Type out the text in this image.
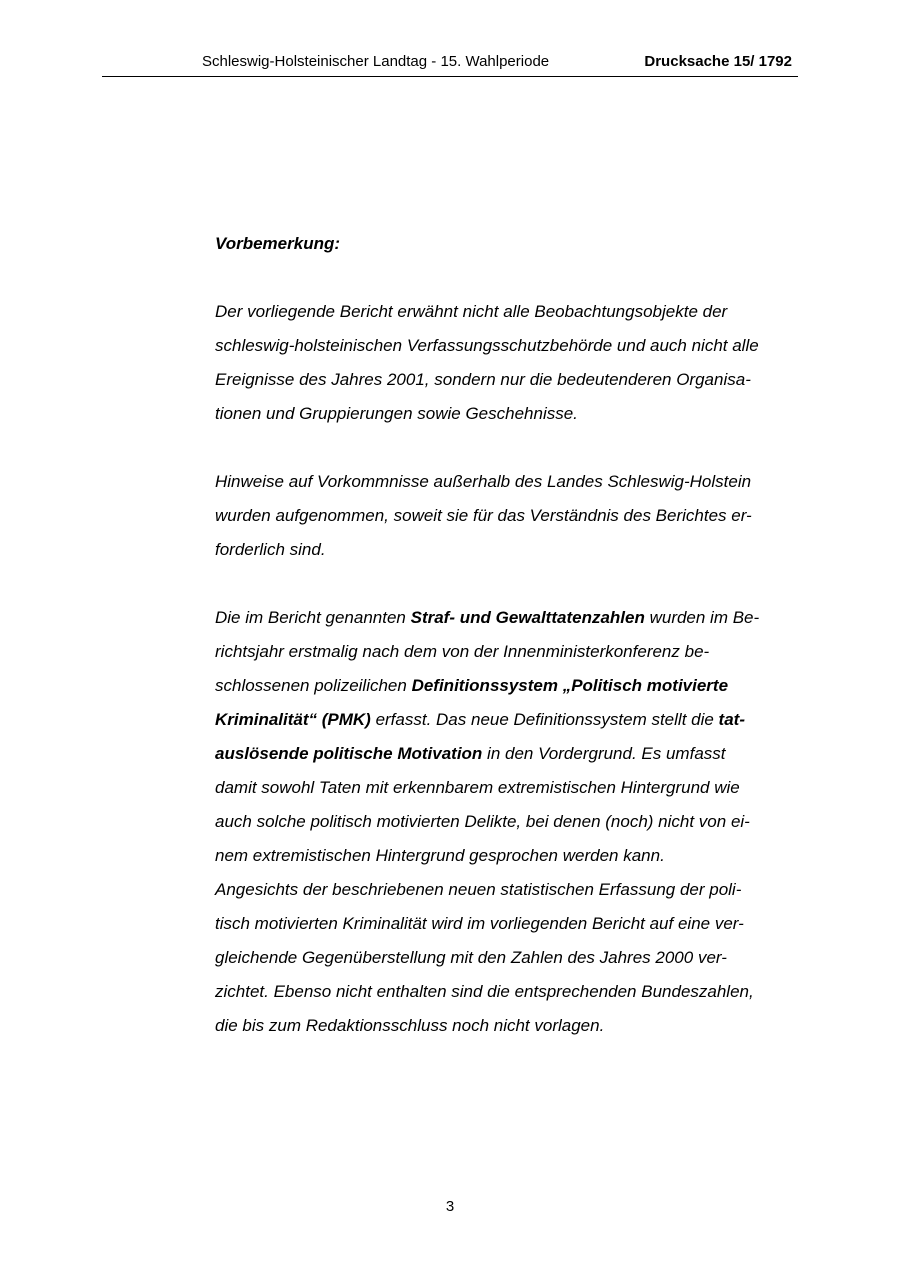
Schleswig-Holsteinischer Landtag - 15. Wahlperiode	Drucksache 15/ 1792

Vorbemerkung:

Der vorliegende Bericht erwähnt nicht alle Beobachtungsobjekte der
schleswig-holsteinischen Verfassungsschutzbehörde und auch nicht alle
Ereignisse des Jahres 2001, sondern nur die bedeutenderen Organisa-
tionen und Gruppierungen sowie Geschehnisse.

Hinweise auf Vorkommnisse außerhalb des Landes Schleswig-Holstein
wurden aufgenommen, soweit sie für das Verständnis des Berichtes er-
forderlich sind.

Die im Bericht genannten Straf- und Gewalttatenzahlen wurden im Be-
richtsjahr erstmalig nach dem von der Innenministerkonferenz be-
schlossenen polizeilichen Definitionssystem „Politisch motivierte
Kriminalität“ (PMK) erfasst. Das neue Definitionssystem stellt die tat-
auslösende politische Motivation in den Vordergrund. Es umfasst
damit sowohl Taten mit erkennbarem extremistischen Hintergrund wie
auch solche politisch motivierten Delikte, bei denen (noch) nicht von ei-
nem extremistischen Hintergrund gesprochen werden kann.
Angesichts der beschriebenen neuen statistischen Erfassung der poli-
tisch motivierten Kriminalität wird im vorliegenden Bericht auf eine ver-
gleichende Gegenüberstellung mit den Zahlen des Jahres 2000 ver-
zichtet. Ebenso nicht enthalten sind die entsprechenden Bundeszahlen,
die bis zum Redaktionsschluss noch nicht vorlagen.

3
